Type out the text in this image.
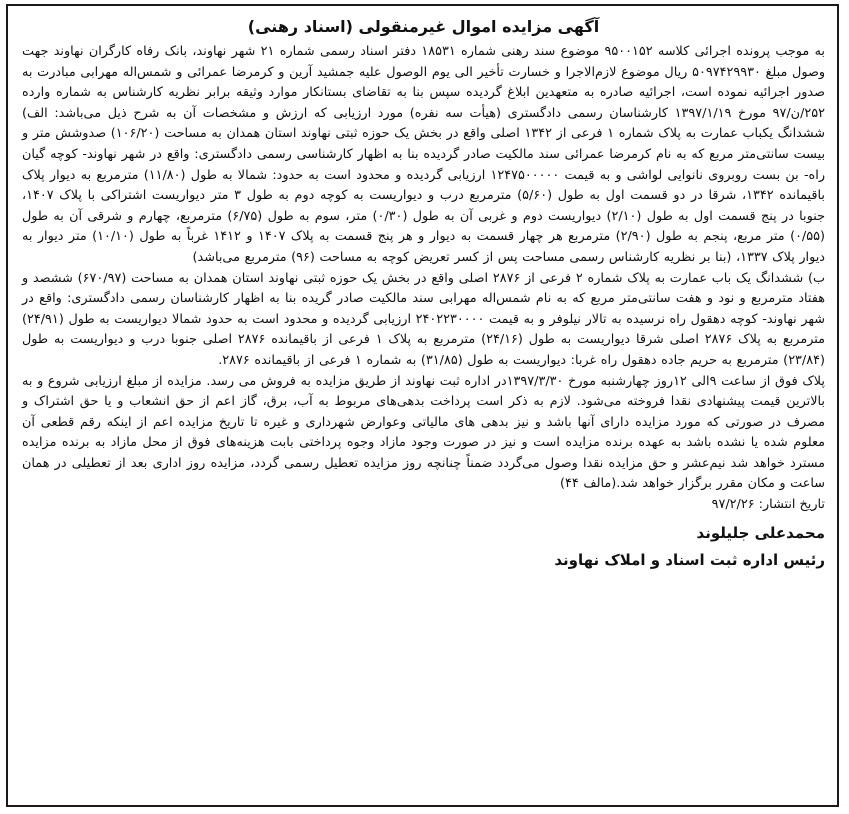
آگهی مزایده اموال غیرمنقولی (اسناد رهنی)

به موجب پرونده اجرائی کلاسه ۹۵۰۰۱۵۲ موضوع سند رهنی شماره ۱۸۵۳۱ دفتر اسناد رسمی شماره ۲۱ شهر نهاوند، بانک رفاه کارگران نهاوند جهت وصول مبلغ ۵۰۹۷۴۲۹۹۳۰ ریال موضوع لازم‌الاجرا و خسارت تأخیر الی یوم الوصول علیه جمشید آرین و کرمرضا عمرائی و شمس‌اله مهرابی مبادرت به صدور اجرائیه نموده است، اجرائیه صادره به متعهدین ابلاغ گردیده سپس بنا به تقاضای بستانکار موارد وثیقه برابر نظریه کارشناس به شماره وارده ۲۵۲/ن/۹۷ مورخ ۱۳۹۷/۱/۱۹ کارشناسان رسمی دادگستری (هیأت سه نفره) مورد ارزیابی که ارزش و مشخصات آن به شرح ذیل می‌باشد: الف) ششدانگ یکباب عمارت به پلاک شماره ۱ فرعی از ۱۳۴۲ اصلی واقع در بخش یک حوزه ثبتی نهاوند استان همدان به مساحت (۱۰۶/۲۰) صدوشش متر و بیست سانتی‌متر مربع که به نام کرمرضا عمرائی سند مالکیت صادر گردیده بنا به اظهار کارشناسی رسمی دادگستری: واقع در شهر نهاوند- کوچه گیان راه- بن بست روبروی نانوایی لواشی و به قیمت ۱۲۴۷۵۰۰۰۰۰ ارزیابی گردیده و محدود است به حدود: شمالا به طول (۱۱/۸۰) مترمربع به دیوار پلاک باقیمانده ۱۳۴۲، شرقا در دو قسمت اول به طول (۵/۶۰) مترمربع درب و دیواریست به کوچه دوم به طول ۳ متر دیواریست اشتراکی با پلاک ۱۴۰۷، جنوبا در پنج قسمت اول به طول (۲/۱۰) دیواریست دوم و غربی آن به طول (۰/۳۰) متر، سوم به طول (۶/۷۵) مترمربع، چهارم و شرقی آن به طول (۰/۵۵) متر مربع، پنجم به طول (۲/۹۰) مترمربع هر چهار قسمت به دیوار و هر پنج قسمت به پلاک ۱۴۰۷ و ۱۴۱۲ غرباً به طول (۱۰/۱۰) متر دیوار به دیوار پلاک ۱۳۳۷، (بنا بر نظریه کارشناس رسمی مساحت پس از کسر تعریض کوچه به مساحت (۹۶) مترمربع می‌باشد)

ب) ششدانگ یک باب عمارت به پلاک شماره ۲ فرعی از ۲۸۷۶ اصلی واقع در بخش یک حوزه ثبتی نهاوند استان همدان به مساحت (۶۷۰/۹۷) ششصد و هفتاد مترمربع و نود و هفت سانتی‌متر مربع که به نام شمس‌اله مهرابی سند مالکیت صادر گریده بنا به اظهار کارشناسان رسمی دادگستری: واقع در شهر نهاوند- کوچه دهقول راه نرسیده به تالار نیلوفر و به قیمت ۲۴۰۲۲۳۰۰۰۰ ارزیابی گردیده و محدود است به حدود شمالا دیواریست به طول (۲۴/۹۱) مترمربع به پلاک ۲۸۷۶ اصلی شرقا دیواریست به طول (۲۴/۱۶) مترمربع به پلاک ۱ فرعی از باقیمانده ۲۸۷۶ اصلی جنوبا درب و دیواریست به طول (۲۳/۸۴) مترمربع به حریم جاده دهقول راه غربا: دیواریست به طول (۳۱/۸۵) به شماره ۱ فرعی از باقیمانده ۲۸۷۶.

پلاک فوق از ساعت ۹الی ۱۲روز چهارشنبه مورخ ۱۳۹۷/۳/۳۰در اداره ثبت نهاوند از طریق مزایده به فروش می رسد. مزایده از مبلغ ارزیابی شروع و به بالاترین قیمت پیشنهادی نقدا فروخته می‌شود. لازم به ذکر است پرداخت بدهی‌های مربوط به آب، برق، گاز اعم از حق انشعاب و یا حق اشتراک و مصرف در صورتی که مورد مزایده دارای آنها باشد و نیز بدهی های مالیاتی وعوارض شهرداری و غیره تا تاریخ مزایده اعم از اینکه رقم قطعی آن معلوم شده یا نشده باشد به عهده برنده مزایده است و نیز در صورت وجود مازاد وجوه پرداختی بابت هزینه‌های فوق از محل مازاد به برنده مزایده مسترد خواهد شد نیم‌عشر و حق مزایده نقدا وصول می‌گردد ضمناً چنانچه روز مزایده تعطیل رسمی گردد، مزایده روز اداری بعد از تعطیلی در همان ساعت و مکان مقرر برگزار خواهد شد.(مالف ۴۴)

تاریخ انتشار: ۹۷/۲/۲۶

محمدعلی جلیلوند

رئیس اداره ثبت اسناد و املاک نهاوند
